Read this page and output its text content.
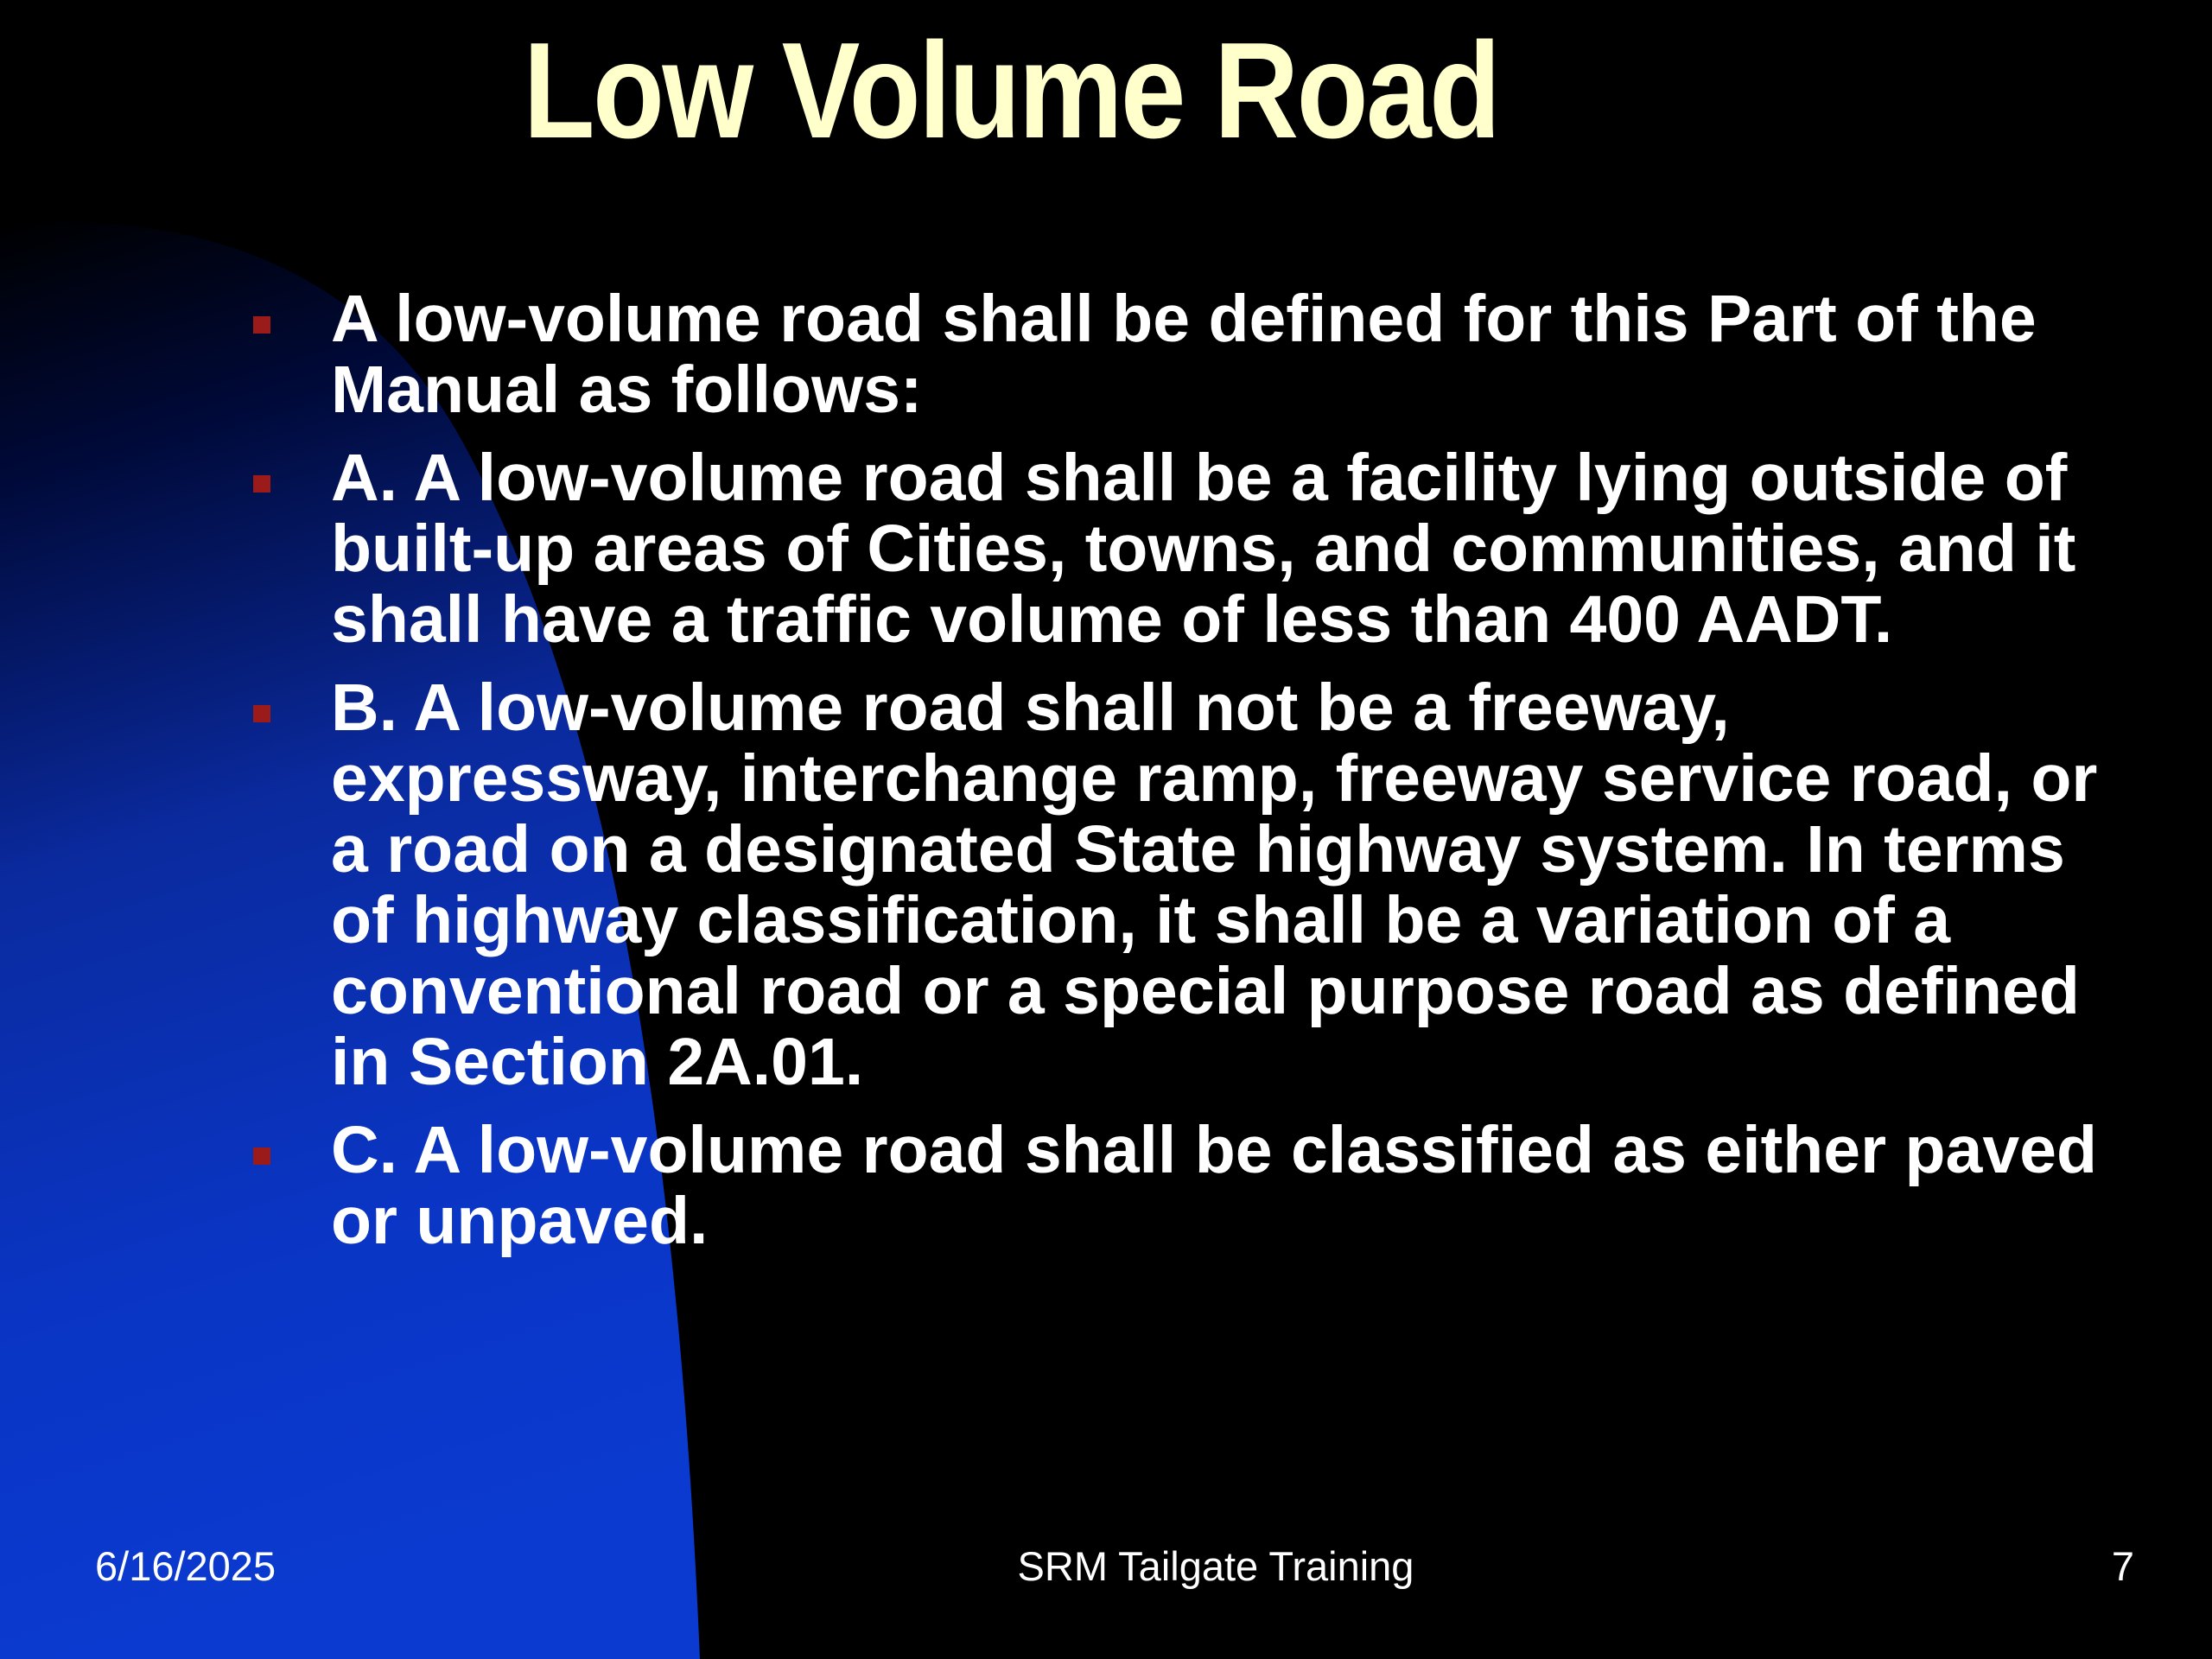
Low Volume Road
A low-volume road shall be defined for this Part of the Manual as follows:
A. A low-volume road shall be a facility lying outside of built-up areas of Cities, towns, and communities, and it shall have a traffic volume of less than 400 AADT.
B. A low-volume road shall not be a freeway, expressway, interchange ramp, freeway service road, or a road on a designated State highway system. In terms of highway classification, it shall be a variation of a conventional road or a special purpose road as defined in Section 2A.01.
C. A low-volume road shall be classified as either paved or unpaved.
6/16/2025	SRM Tailgate Training	7
